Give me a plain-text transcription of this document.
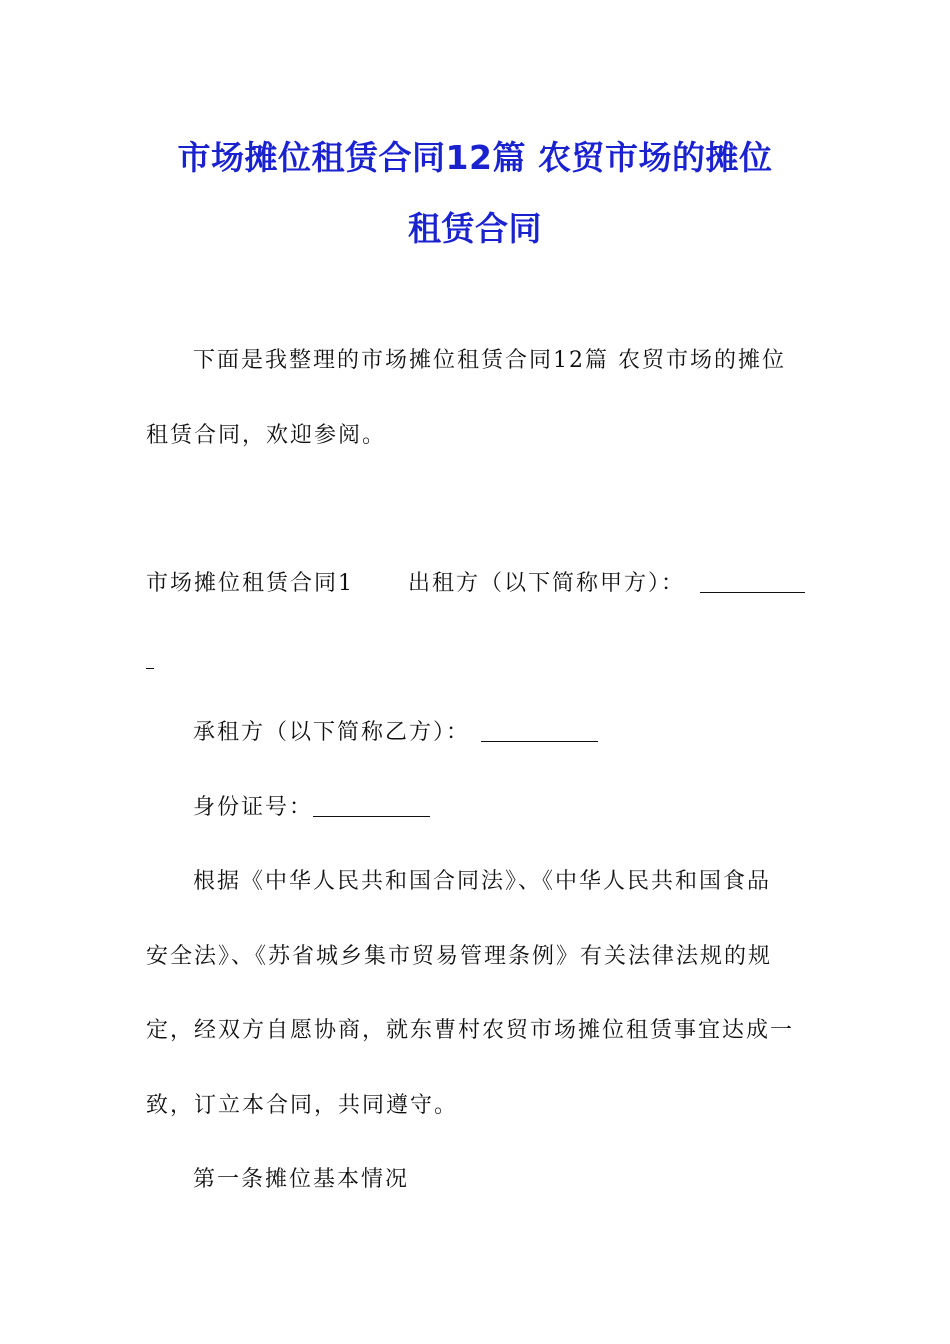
市场摊位租赁合同12篇 农贸市场的摊位
租赁合同
下面是我整理的市场摊位租赁合同12篇 农贸市场的摊位
租赁合同，欢迎参阅。
市场摊位租赁合同1 出租方（以下简称甲方）：
承租方（以下简称乙方）：
身份证号：
根据《中华人民共和国合同法》、《中华人民共和国食品
安全法》、《苏省城乡集市贸易管理条例》有关法律法规的规
定，经双方自愿协商，就东曹村农贸市场摊位租赁事宜达成一
致，订立本合同，共同遵守。
第一条摊位基本情况
